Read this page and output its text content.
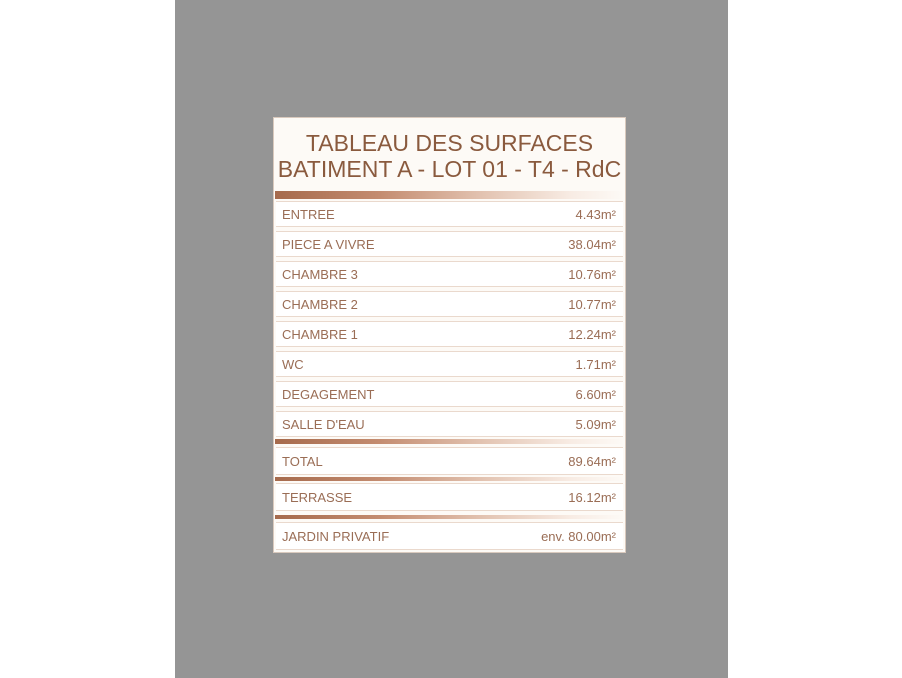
TABLEAU DES SURFACES
BATIMENT A - LOT 01 - T4 - RdC
ENTREE	4.43m²
PIECE A VIVRE	38.04m²
CHAMBRE 3	10.76m²
CHAMBRE 2	10.77m²
CHAMBRE 1	12.24m²
WC	1.71m²
DEGAGEMENT	6.60m²
SALLE D'EAU	5.09m²
TOTAL	89.64m²
TERRASSE	16.12m²
JARDIN PRIVATIF	env. 80.00m²
